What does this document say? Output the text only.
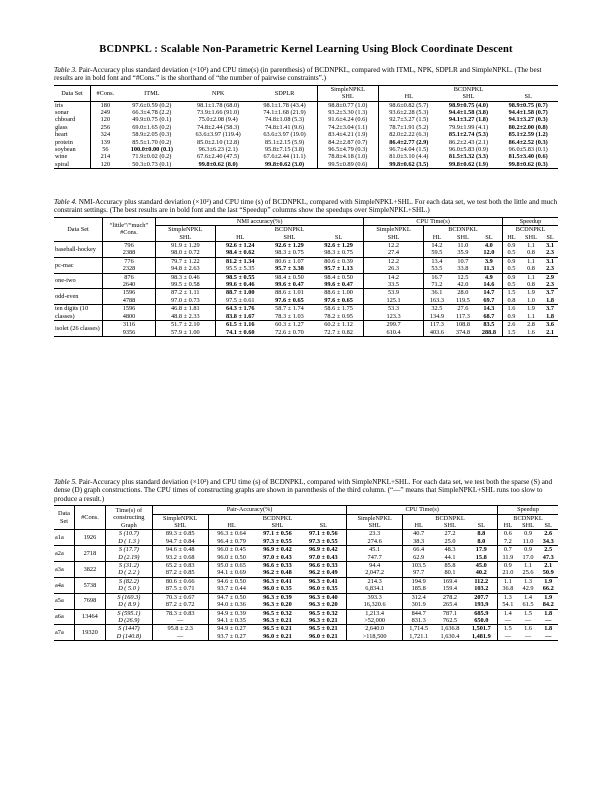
BCDNPKL : Scalable Non-Parametric Kernel Learning Using Block Coordinate Descent

Table 3. Pair-Accuracy plus standard deviation (×10²) and CPU time(s) (in parenthesis) of BCDNPKL, compared with ITML, NPK, SDPLR and SimpleNPKL. (The best results are in bold font and “#Cons.” is the shorthand of “the number of pairwise constraints”.)

Data Set	#Cons.	ITML	NPK	SDPLR	SimpleNPKL	BCDNPKL		
					SHL	HL	SHL	SL
iris	180	97.6±0.59 (0.2)	98.1±1.78 (68.0)	98.1±1.78 (43.4)	98.8±0.77 (1.0)	98.6±0.82 (5.7)	98.9±0.75 (4.0)	98.9±0.75 (0.7)
sonar	249	66.3±4.78 (2.2)	73.9±1.66 (91.0)	74.1±1.68 (21.9)	93.2±3.30 (1.3)	93.6±2.28 (5.3)	94.4±1.58 (3.8)	94.4±1.58 (0.7)
chboard	120	49.9±0.75 (0.1)	75.0±2.08 (9.4)	74.8±1.08 (5.3)	91.6±4.24 (0.6)	92.7±3.27 (1.5)	94.1±3.27 (1.8)	94.1±3.27 (0.3)
glass	256	69.0±1.65 (0.2)	74.8±2.44 (58.3)	74.8±1.41 (9.6)	74.2±3.04 (1.1)	78.7±1.91 (5.2)	79.9±1.99 (4.1)	80.2±2.00 (0.8)
heart	324	58.9±2.05 (0.3)	63.6±3.97 (119.4)	63.6±3.97 (19.0)	83.4±4.21 (1.9)	82.0±2.22 (6.3)	85.1±2.74 (5.3)	85.1±2.59 (1.2)
protein	139	85.5±1.70 (0.2)	85.0±2.10 (12.8)	85.1±2.15 (5.9)	84.2±2.87 (0.7)	86.4±2.77 (2.9)	86.2±2.43 (2.1)	86.4±2.52 (0.3)
soybean	56	100.0±0.00 (0.1)	96.3±6.23 (2.1)	95.8±7.15 (3.8)	96.5±4.79 (0.3)	96.7±4.04 (1.5)	96.0±5.83 (0.9)	96.0±5.83 (0.1)
wine	214	71.9±0.02 (0.2)	67.6±2.40 (47.5)	67.6±2.44 (11.1)	78.8±4.18 (1.0)	81.0±3.10 (4.4)	81.5±3.32 (3.3)	81.5±3.40 (0.6)
spiral	120	50.3±0.73 (0.1)	99.8±0.62 (8.0)	99.8±0.62 (3.0)	99.5±0.89 (0.6)	99.8±0.62 (3.5)	99.8±0.62 (1.9)	99.8±0.62 (0.3)

Table 4. NMI-Accuracy plus standard deviation (×10²) and CPU time (s) of BCDNPKL, compared with SimpleNPKL+SHL. For each data set, we test both the little and much constraint settings. (The best results are in bold font and the last “Speedup” columns show the speedups over SimpleNPKL+SHL.)

Data Set	“little”/“much” #Cons.	NMI accuracy(%)				CPU Time(s)				Speedup		
		SimpleNPKL	BCDNPKL			SimpleNPKL	BCDNPKL			BCDNPKL		
		SHL	HL	SHL	SL	SHL	HL	SHL	SL	HL	SHL	SL
baseball-hockey	796	91.9 ± 1.29	92.6 ± 1.24	92.6 ± 1.29	92.6 ± 1.29	12.2	14.2	11.0	4.0	0.9	1.1	3.1
	2388	98.0 ± 0.72	98.4 ± 0.62	98.3 ± 0.75	98.3 ± 0.75	27.4	59.5	35.9	12.0	0.5	0.8	2.3
pc-mac	776	79.7 ± 1.22	81.2 ± 1.34	80.6 ± 1.07	80.6 ± 0.39	12.2	13.4	10.7	3.9	0.9	1.1	3.1
	2328	94.8 ± 2.63	95.5 ± 5.35	95.7 ± 3.38	95.7 ± 1.13	26.3	53.5	33.8	11.3	0.5	0.8	2.3
one-two	876	98.3 ± 0.46	98.5 ± 0.55	98.4 ± 0.50	98.4 ± 0.50	14.2	16.7	12.5	4.9	0.9	1.1	2.9
	2640	99.5 ± 0.58	99.6 ± 0.46	99.6 ± 0.47	99.6 ± 0.47	33.5	71.2	42.0	14.6	0.5	0.8	2.3
odd-even	1596	87.2 ± 1.11	88.7 ± 1.00	88.6 ± 1.01	88.6 ± 1.00	53.9	36.1	28.0	14.7	1.5	1.9	3.7
	4788	97.0 ± 0.73	97.5 ± 0.61	97.6 ± 0.65	97.6 ± 0.65	125.1	163.3	119.5	69.7	0.8	1.0	1.8
ten digits (10 classes)	1596	46.8 ± 1.81	64.3 ± 1.76	58.7 ± 1.74	58.6 ± 1.75	53.3	32.5	27.6	14.3	1.6	1.9	3.7
	4800	48.8 ± 2.33	83.8 ± 1.67	78.3 ± 1.03	78.2 ± 0.95	123.3	134.9	117.3	68.7	0.9	1.1	1.8
isolet (26 classes)	3116	51.7 ± 2.10	61.5 ± 1.16	60.3 ± 1.27	60.2 ± 1.12	299.7	117.3	108.8	83.5	2.6	2.8	3.6
	9356	57.9 ± 1.00	74.1 ± 0.60	72.6 ± 0.70	72.7 ± 0.82	610.4	403.6	374.8	288.8	1.5	1.6	2.1

Table 5. Pair-Accuracy plus standard deviation (×10²) and CPU time (s) of BCDNPKL, compared with SimpleNPKL+SHL. For each data set, we test both the sparse (S) and dense (D) graph constructions. The CPU times of constructing graphs are shown in parenthesis of the third column. (“—” means that SimpleNPKL+SHL runs too slow to produce a result.)

Data Set	#Cons.	Time(s) of constructing Graph	Pair-Accuracy(%)				CPU Time(s)				Speedup		
			SimpleNPKL	BCDNPKL			SimpleNPKL	BCDNPKL			BCDNPKL		
			SHL	HL	SHL	SL	SHL	HL	SHL	SL	HL	SHL	SL
a1a	1926	S (10.7)	89.3 ± 0.85	96.3 ± 0.64	97.1 ± 0.56	97.1 ± 0.56	23.3	40.7	27.2	8.8	0.6	0.9	2.6
		D ( 1.3 )	94.7 ± 0.84	96.4 ± 0.79	97.3 ± 0.55	97.3 ± 0.55	274.6	38.3	25.0	8.0	7.2	11.0	34.3
a2a	2718	S (17.7)	94.6 ± 0.48	96.0 ± 0.45	96.9 ± 0.42	96.9 ± 0.42	45.1	66.4	48.3	17.9	0.7	0.9	2.5
		D (2.19)	93.2 ± 0.68	96.0 ± 0.50	97.0 ± 0.43	97.0 ± 0.43	747.7	62.9	44.1	15.8	11.9	17.0	47.3
a3a	3822	S (31.2)	65.2 ± 0.83	95.0 ± 0.65	96.6 ± 0.33	96.6 ± 0.33	94.4	103.5	85.8	45.0	0.9	1.1	2.1
		D ( 2.2 )	87.2 ± 0.85	94.1 ± 0.69	96.2 ± 0.48	96.2 ± 0.49	2,047.2	97.7	80.1	40.2	21.0	25.6	50.9
a4a	5738	S (82.2)	80.6 ± 0.66	94.6 ± 0.50	96.3 ± 0.41	96.3 ± 0.41	214.3	194.9	169.4	112.2	1.1	1.3	1.9
		D ( 5.0 )	87.5 ± 0.71	93.7 ± 0.44	96.0 ± 0.35	96.0 ± 0.35	6,834.1	185.8	159.4	103.2	36.8	42.9	66.2
a5a	7698	S (160.3)	70.3 ± 0.67	94.7 ± 0.50	96.3 ± 0.39	96.3 ± 0.40	393.3	312.4	278.2	207.7	1.3	1.4	1.9
		D ( 8.9 )	87.2 ± 0.72	94.0 ± 0.36	96.3 ± 0.20	96.3 ± 0.20	16,320.6	301.9	265.4	193.9	54.1	61.5	84.2
a6a	13464	S (595.1)	78.3 ± 0.83	94.9 ± 0.39	96.5 ± 0.32	96.5 ± 0.32	1,213.4	844.7	787.1	685.9	1.4	1.5	1.8
		D (26.9)	—	94.1 ± 0.35	96.3 ± 0.21	96.3 ± 0.21	>52,000	831.3	762.5	650.0	—	—	—
a7a	19320	S (1447)	95.8 ± 2.3	94.9 ± 0.27	96.5 ± 0.21	96.5 ± 0.21	2,640.0	1,714.5	1,636.8	1,501.7	1.5	1.6	1.8
		D (140.8)	—	93.7 ± 0.27	96.0 ± 0.21	96.0 ± 0.21	>118,500	1,721.1	1,630.4	1,481.9	—	—	—
